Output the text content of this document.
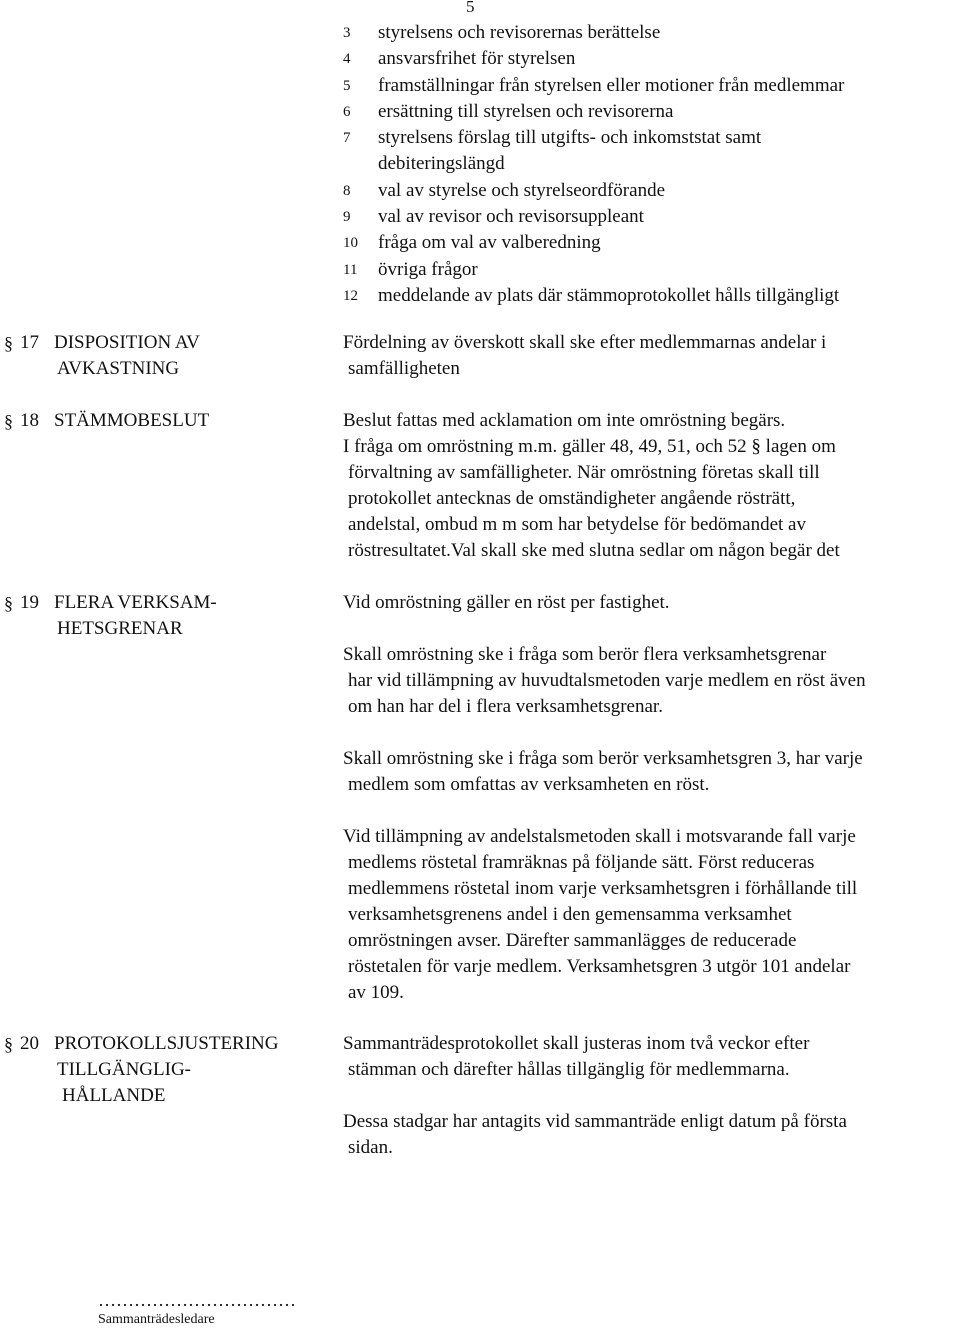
5
3	styrelsens och revisorernas berättelse
4	ansvarsfrihet för styrelsen
5	framställningar från styrelsen eller motioner från medlemmar
6	ersättning till styrelsen och revisorerna
7	styrelsens förslag till utgifts- och inkomststat samt
debiteringslängd
8	val av styrelse och styrelseordförande
9	val av revisor och revisorsuppleant
10	fråga om val av valberedning
11	övriga frågor
12	meddelande av plats där stämmoprotokollet hålls tillgängligt
§ 17 DISPOSITION AV
AVKASTNING

Fördelning av överskott skall ske efter medlemmarnas andelar i
samfälligheten

§ 18 STÄMMOBESLUT	Beslut fattas med acklamation om inte omröstning begärs.
I fråga om omröstning m.m. gäller 48, 49, 51, och 52 § lagen om
förvaltning av samfälligheter. När omröstning företas skall till
protokollet antecknas de omständigheter angående rösträtt,
andelstal, ombud m m som har betydelse för bedömandet av
röstresultatet.Val skall ske med slutna sedlar om någon begär det

§ 19 FLERA VERKSAM-
HETSGRENAR

Vid omröstning gäller en röst per fastighet.

Skall omröstning ske i fråga som berör flera verksamhetsgrenar
har vid tillämpning av huvudtalsmetoden varje medlem en röst även
om han har del i flera verksamhetsgrenar.

Skall omröstning ske i fråga som berör verksamhetsgren 3, har varje
medlem som omfattas av verksamheten en röst.

Vid tillämpning av andelstalsmetoden skall i motsvarande fall varje
medlems röstetal framräknas på följande sätt. Först reduceras
medlemmens röstetal inom varje verksamhetsgren i förhållande till
verksamhetsgrenens andel i den gemensamma verksamhet
omröstningen avser. Därefter sammanlägges de reducerade
röstetalen för varje medlem. Verksamhetsgren 3 utgör 101 andelar
av 109.

§ 20 PROTOKOLLSJUSTERING
TILLGÄNGLIG-
HÅLLANDE

Sammanträdesprotokollet skall justeras inom två veckor efter
stämman och därefter hållas tillgänglig för medlemmarna.

Dessa stadgar har antagits vid sammanträde enligt datum på första
sidan.

……………………………
Sammanträdesledare
